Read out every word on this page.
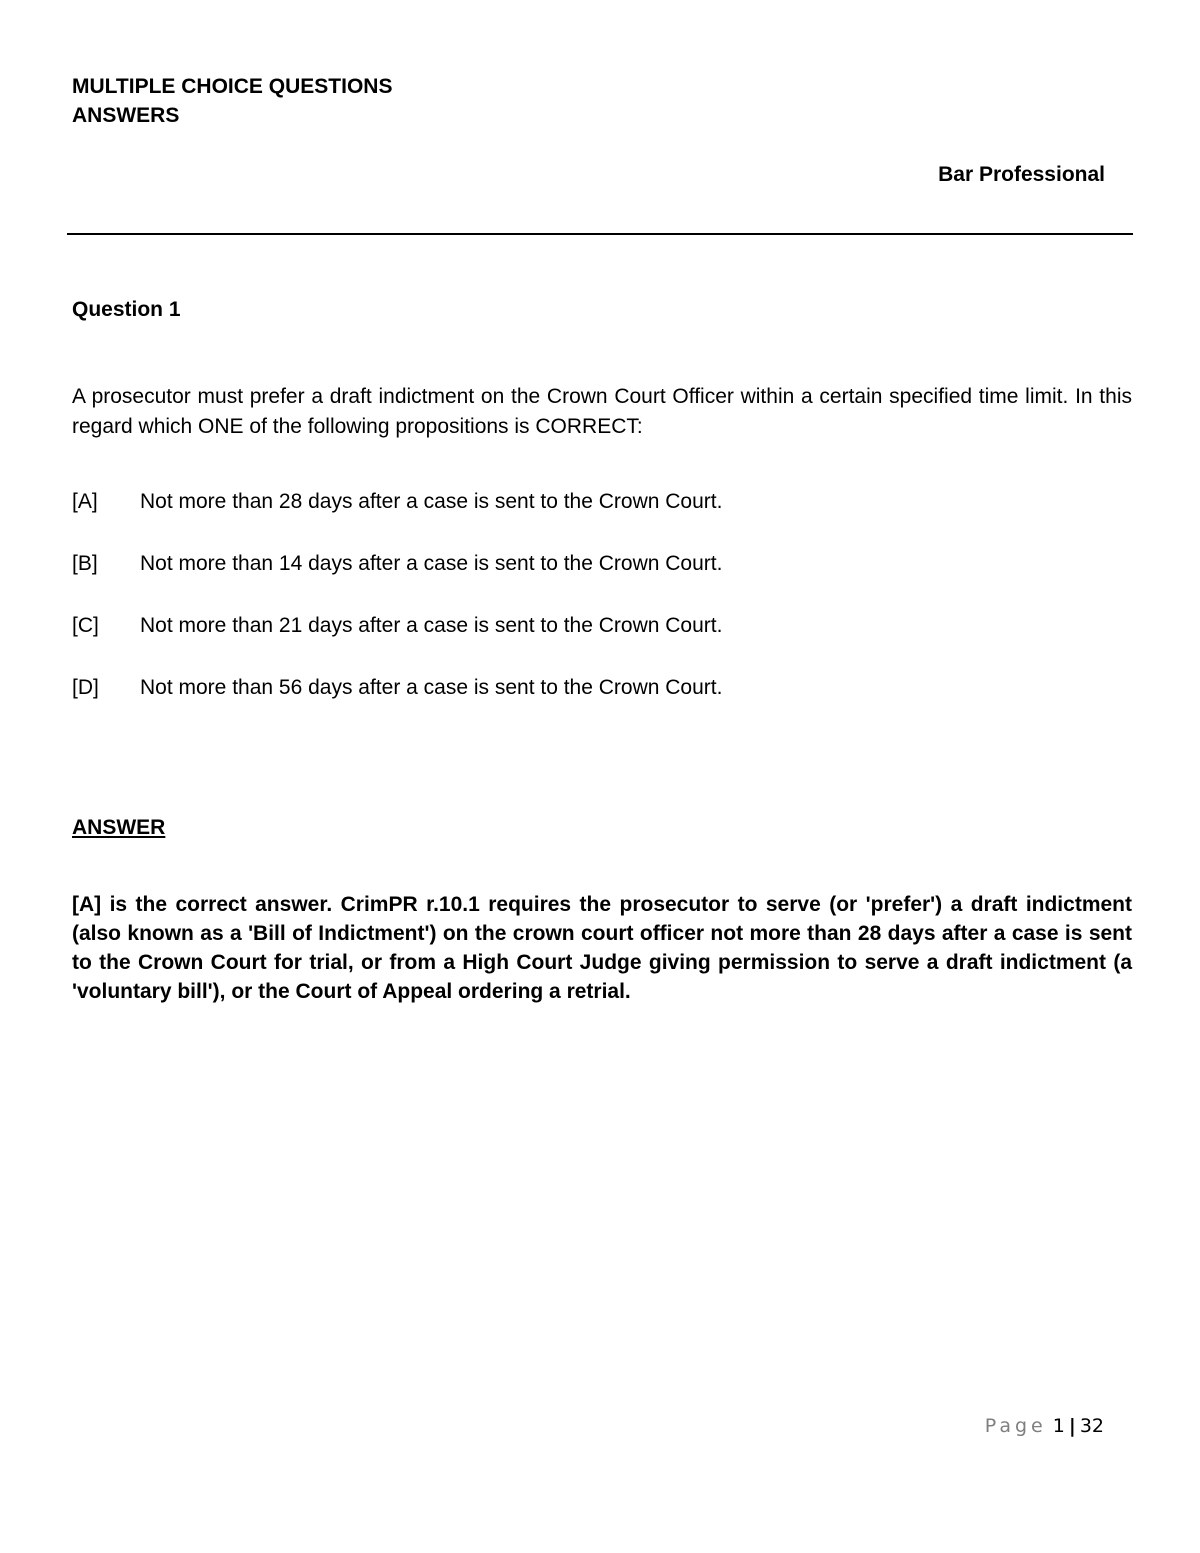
MULTIPLE CHOICE QUESTIONS
ANSWERS
Bar Professional
Question 1
A prosecutor must prefer a draft indictment on the Crown Court Officer within a certain specified time limit. In this regard which ONE of the following propositions is CORRECT:
[A]	Not more than 28 days after a case is sent to the Crown Court.
[B]	Not more than 14 days after a case is sent to the Crown Court.
[C]	Not more than 21 days after a case is sent to the Crown Court.
[D]	Not more than 56 days after a case is sent to the Crown Court.
ANSWER
[A] is the correct answer. CrimPR r.10.1 requires the prosecutor to serve (or 'prefer') a draft indictment (also known as a 'Bill of Indictment') on the crown court officer not more than 28 days after a case is sent to the Crown Court for trial, or from a High Court Judge giving permission to serve a draft indictment (a 'voluntary bill'), or the Court of Appeal ordering a retrial.
Page 1 | 32
